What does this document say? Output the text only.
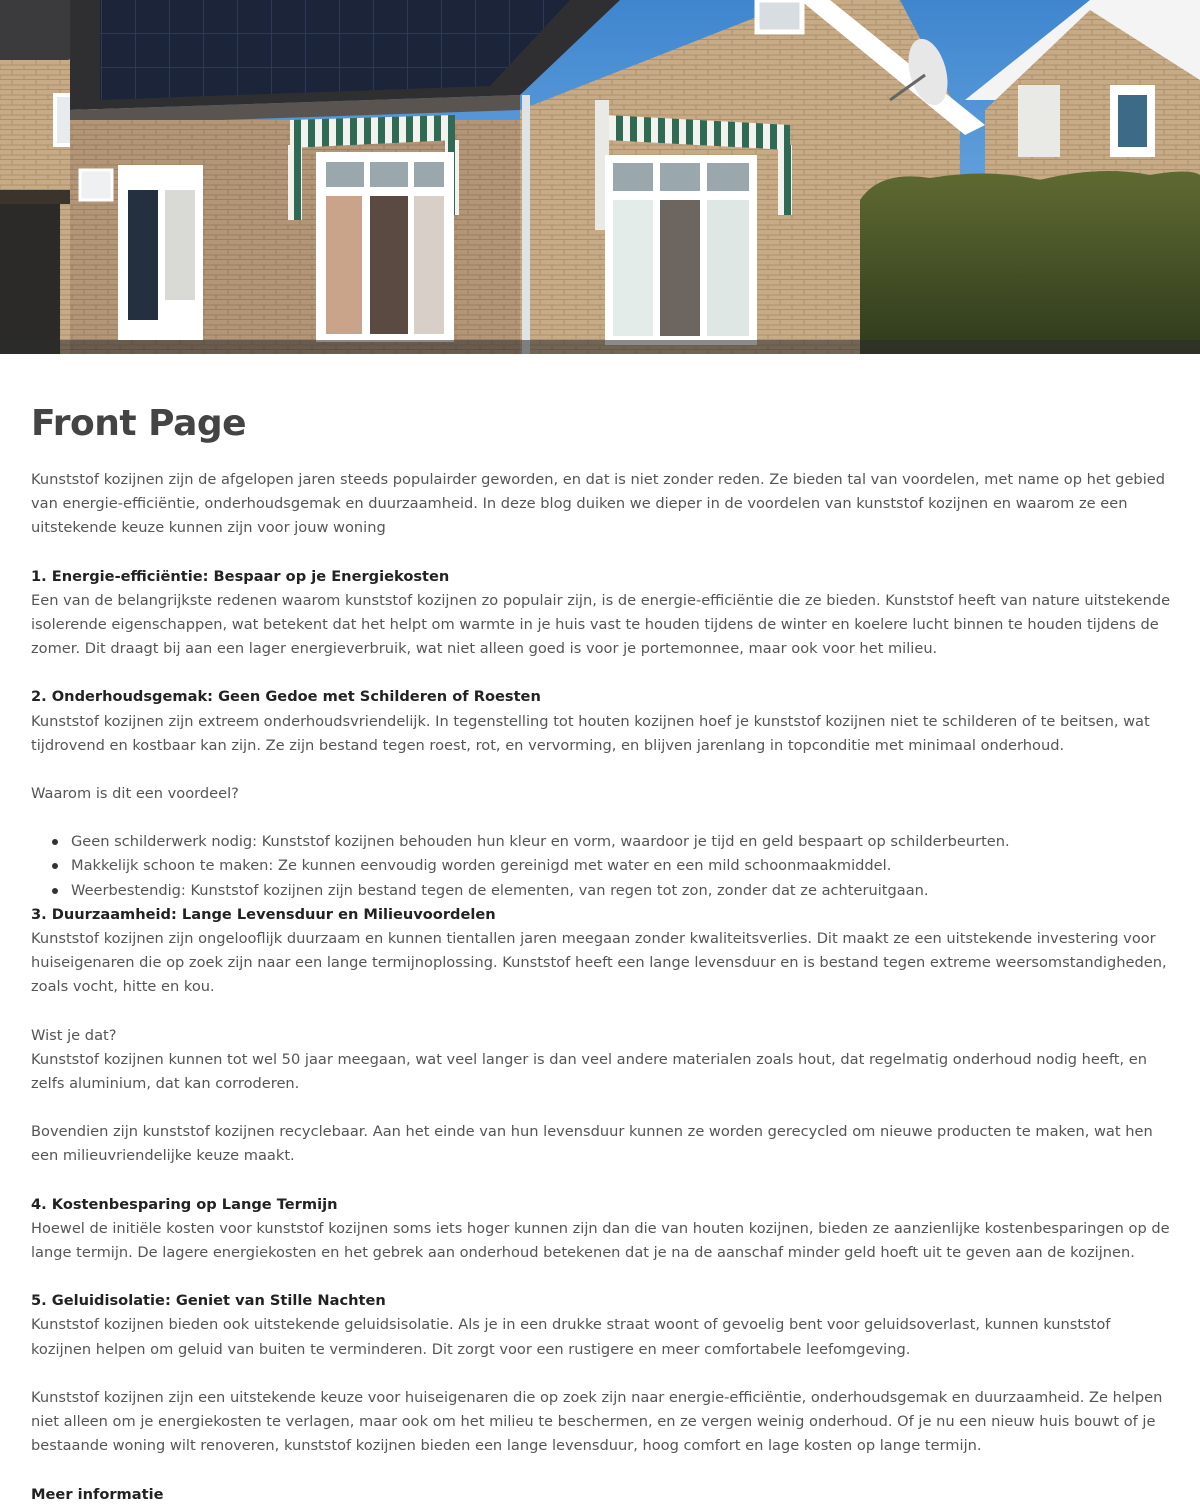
Front Page

Kunststof kozijnen zijn de afgelopen jaren steeds populairder geworden, en dat is niet zonder reden. Ze bieden tal van voordelen, met name op het gebied van energie-efficiëntie, onderhoudsgemak en duurzaamheid. In deze blog duiken we dieper in de voordelen van kunststof kozijnen en waarom ze een uitstekende keuze kunnen zijn voor jouw woning

1. Energie-efficiëntie: Bespaar op je Energiekosten

Een van de belangrijkste redenen waarom kunststof kozijnen zo populair zijn, is de energie-efficiëntie die ze bieden. Kunststof heeft van nature uitstekende isolerende eigenschappen, wat betekent dat het helpt om warmte in je huis vast te houden tijdens de winter en koelere lucht binnen te houden tijdens de zomer. Dit draagt bij aan een lager energieverbruik, wat niet alleen goed is voor je portemonnee, maar ook voor het milieu.

2. Onderhoudsgemak: Geen Gedoe met Schilderen of Roesten

Kunststof kozijnen zijn extreem onderhoudsvriendelijk. In tegenstelling tot houten kozijnen hoef je kunststof kozijnen niet te schilderen of te beitsen, wat tijdrovend en kostbaar kan zijn. Ze zijn bestand tegen roest, rot, en vervorming, en blijven jarenlang in topconditie met minimaal onderhoud.

Waarom is dit een voordeel?

Geen schilderwerk nodig: Kunststof kozijnen behouden hun kleur en vorm, waardoor je tijd en geld bespaart op schilderbeurten.
Makkelijk schoon te maken: Ze kunnen eenvoudig worden gereinigd met water en een mild schoonmaakmiddel.
Weerbestendig: Kunststof kozijnen zijn bestand tegen de elementen, van regen tot zon, zonder dat ze achteruitgaan.

3. Duurzaamheid: Lange Levensduur en Milieuvoordelen

Kunststof kozijnen zijn ongelooflijk duurzaam en kunnen tientallen jaren meegaan zonder kwaliteitsverlies. Dit maakt ze een uitstekende investering voor huiseigenaren die op zoek zijn naar een lange termijnoplossing. Kunststof heeft een lange levensduur en is bestand tegen extreme weersomstandigheden, zoals vocht, hitte en kou.

Wist je dat?

Kunststof kozijnen kunnen tot wel 50 jaar meegaan, wat veel langer is dan veel andere materialen zoals hout, dat regelmatig onderhoud nodig heeft, en zelfs aluminium, dat kan corroderen.

Bovendien zijn kunststof kozijnen recyclebaar. Aan het einde van hun levensduur kunnen ze worden gerecycled om nieuwe producten te maken, wat hen een milieuvriendelijke keuze maakt.

4. Kostenbesparing op Lange Termijn

Hoewel de initiële kosten voor kunststof kozijnen soms iets hoger kunnen zijn dan die van houten kozijnen, bieden ze aanzienlijke kostenbesparingen op de lange termijn. De lagere energiekosten en het gebrek aan onderhoud betekenen dat je na de aanschaf minder geld hoeft uit te geven aan de kozijnen.

5. Geluidisolatie: Geniet van Stille Nachten

Kunststof kozijnen bieden ook uitstekende geluidsisolatie. Als je in een drukke straat woont of gevoelig bent voor geluidsoverlast, kunnen kunststof kozijnen helpen om geluid van buiten te verminderen. Dit zorgt voor een rustigere en meer comfortabele leefomgeving.

Kunststof kozijnen zijn een uitstekende keuze voor huiseigenaren die op zoek zijn naar energie-efficiëntie, onderhoudsgemak en duurzaamheid. Ze helpen niet alleen om je energiekosten te verlagen, maar ook om het milieu te beschermen, en ze vergen weinig onderhoud. Of je nu een nieuw huis bouwt of je bestaande woning wilt renoveren, kunststof kozijnen bieden een lange levensduur, hoog comfort en lage kosten op lange termijn.

Meer informatie
